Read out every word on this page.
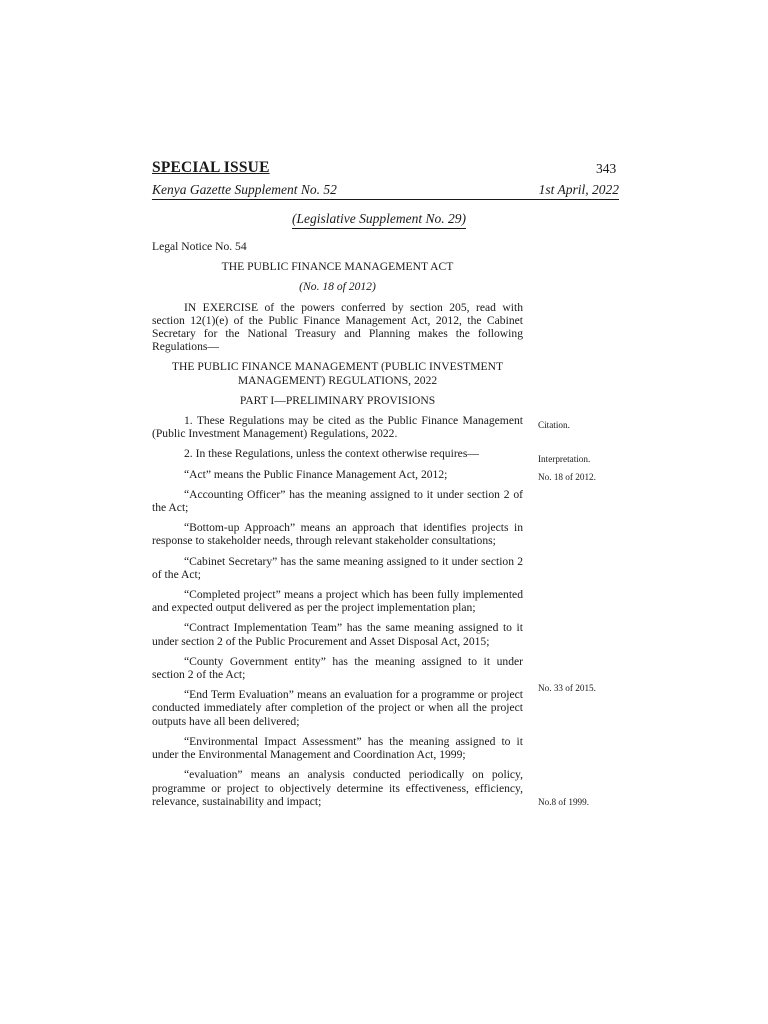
SPECIAL ISSUE	343
Kenya Gazette Supplement No. 52	1st April, 2022
(Legislative Supplement No. 29)

Legal Notice No. 54

THE PUBLIC FINANCE MANAGEMENT ACT

(No. 18 of 2012)

IN EXERCISE of the powers conferred by section 205, read with section 12(1)(e) of the Public Finance Management Act, 2012, the Cabinet Secretary for the National Treasury and Planning makes the following Regulations—

THE PUBLIC FINANCE MANAGEMENT (PUBLIC INVESTMENT MANAGEMENT) REGULATIONS, 2022

PART I—PRELIMINARY PROVISIONS

1. These Regulations may be cited as the Public Finance Management (Public Investment Management) Regulations, 2022.

2. In these Regulations, unless the context otherwise requires—

“Act” means the Public Finance Management Act, 2012;

“Accounting Officer” has the meaning assigned to it under section 2 of the Act;

“Bottom-up Approach” means an approach that identifies projects in response to stakeholder needs, through relevant stakeholder consultations;

“Cabinet Secretary” has the same meaning assigned to it under section 2 of the Act;

“Completed project” means a project which has been fully implemented and expected output delivered as per the project implementation plan;

“Contract Implementation Team” has the same meaning assigned to it under section 2 of the Public Procurement and Asset Disposal Act, 2015;

“County Government entity” has the meaning assigned to it under section 2 of the Act;

“End Term Evaluation” means an evaluation for a programme or project conducted immediately after completion of the project or when all the project outputs have all been delivered;

“Environmental Impact Assessment” has the meaning assigned to it under the Environmental Management and Coordination Act, 1999;

“evaluation” means an analysis conducted periodically on policy, programme or project to objectively determine its effectiveness, efficiency, relevance, sustainability and impact;

Citation.
Interpretation.
No. 18 of 2012.
No. 33 of 2015.
No.8 of 1999.
